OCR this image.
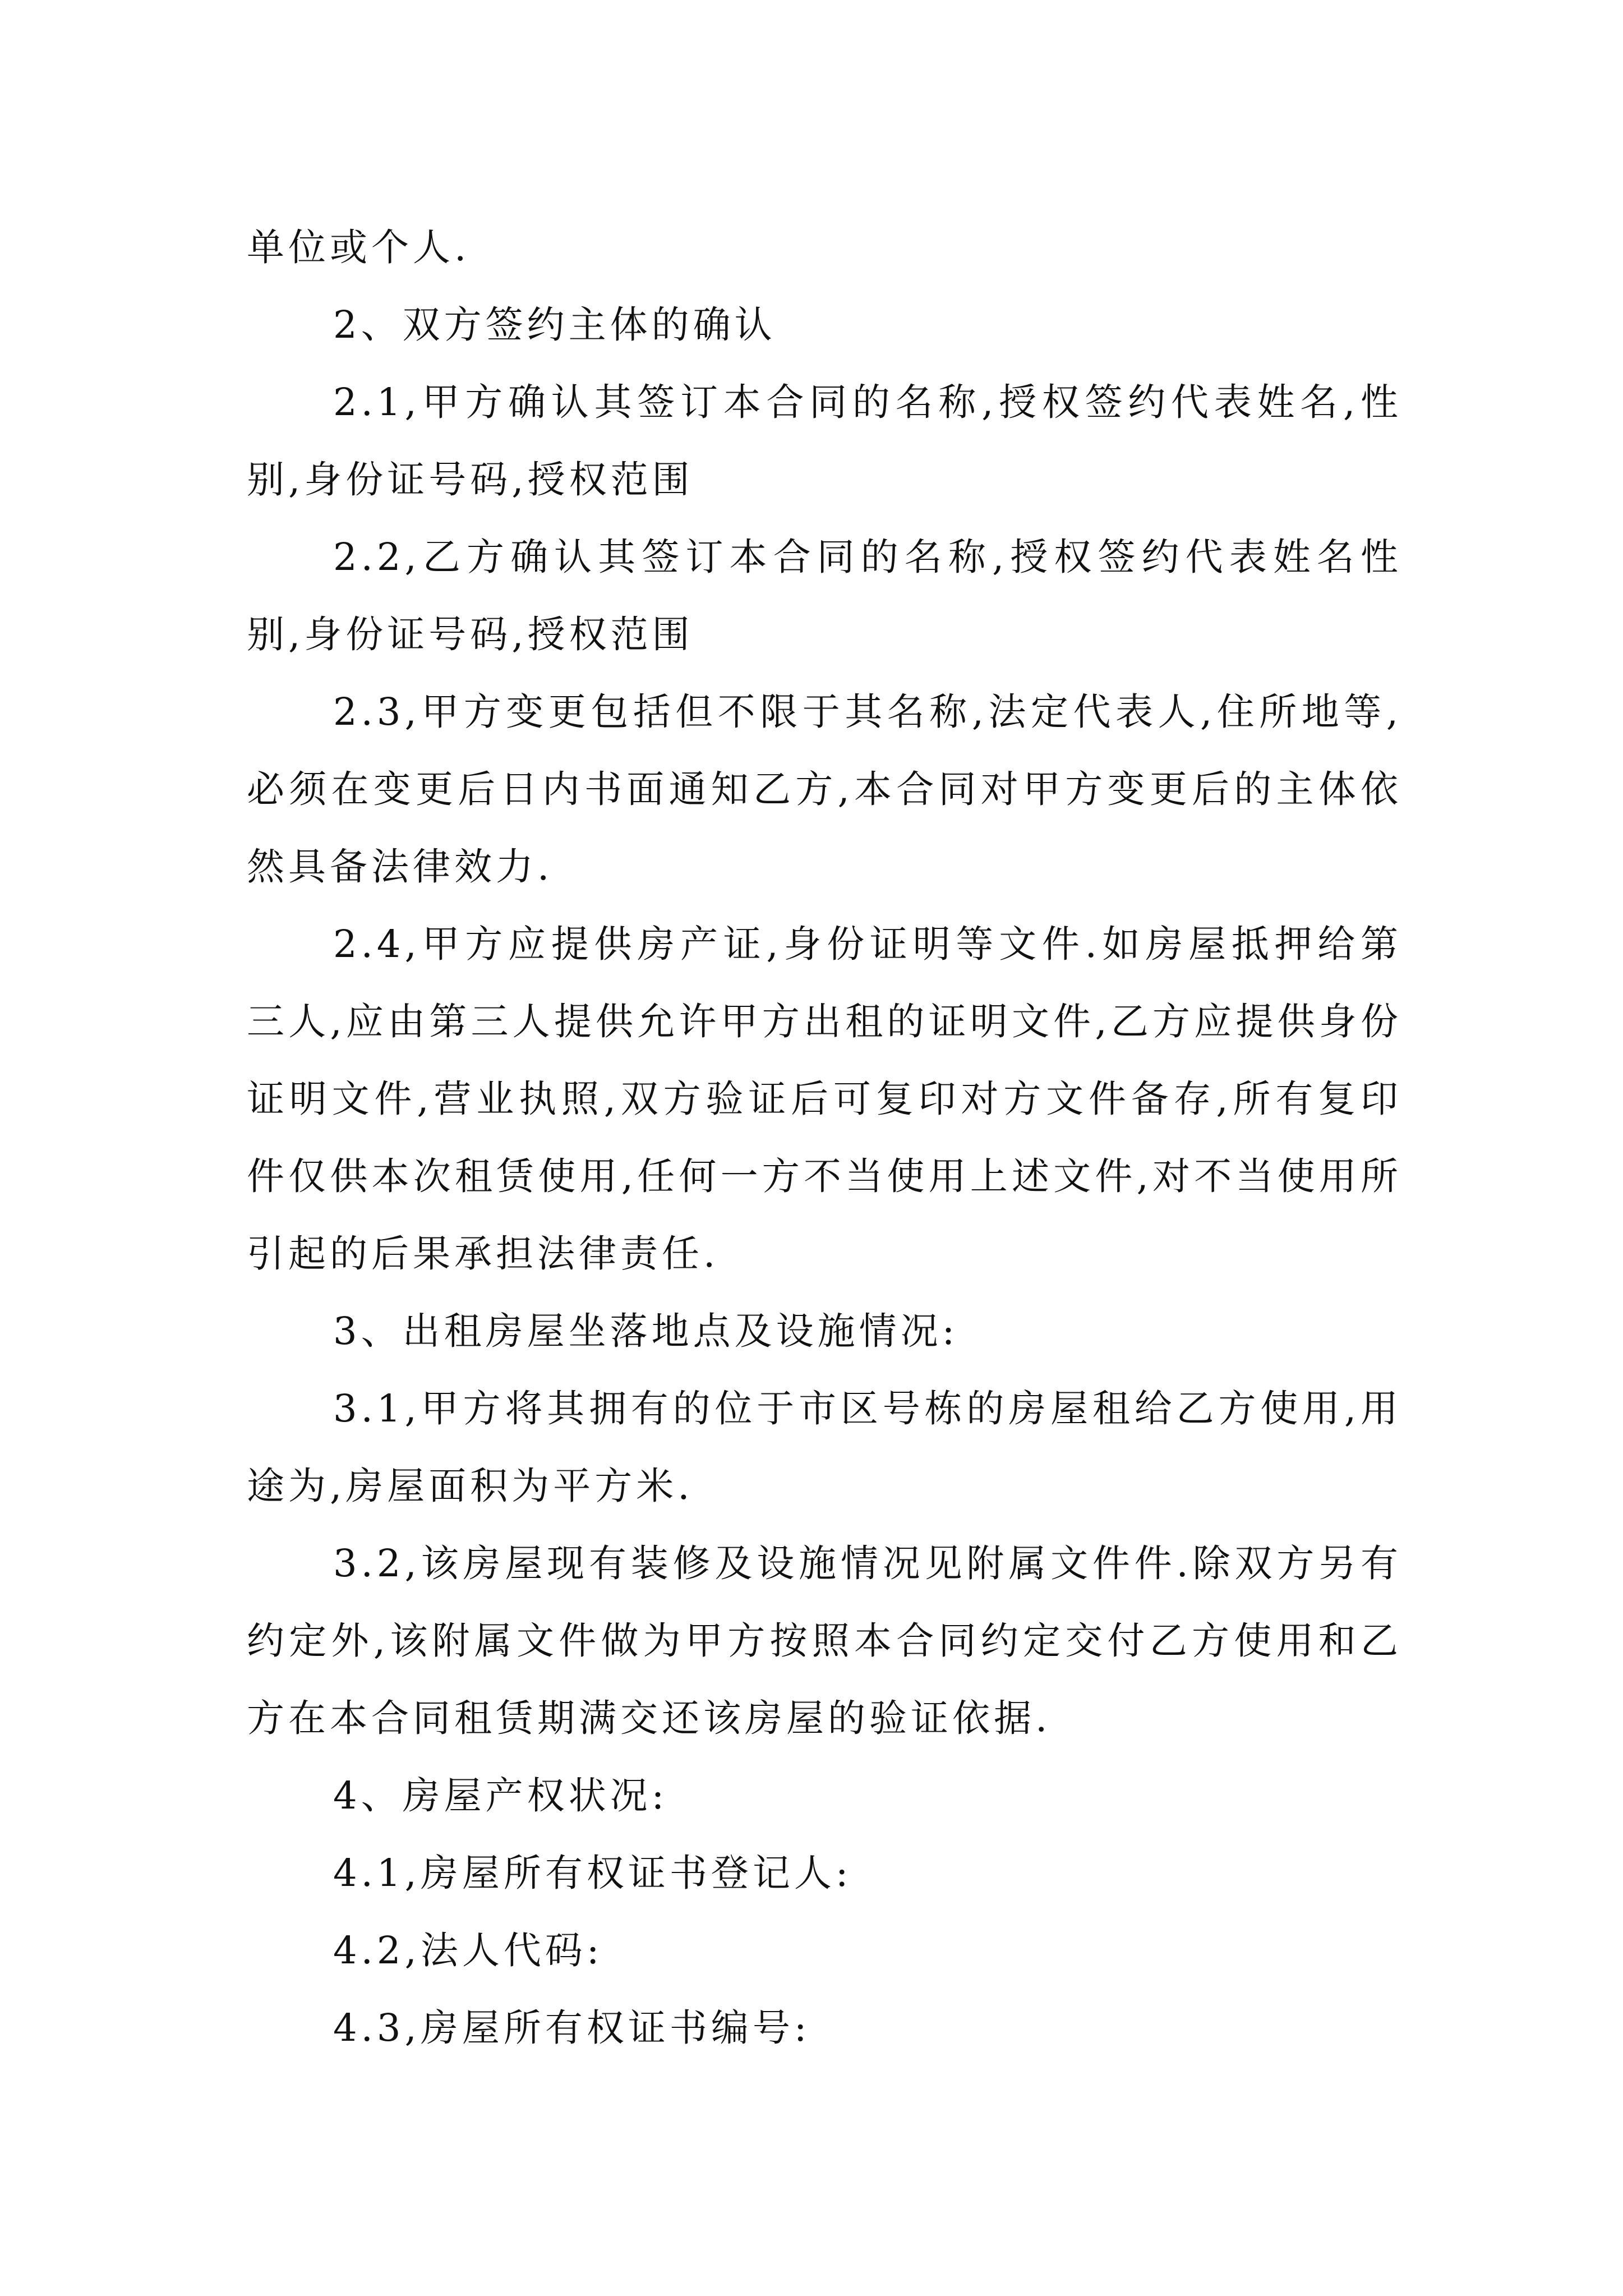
单位或个人.

2、双方签约主体的确认

2.1,甲方确认其签订本合同的名称,授权签约代表姓名,性别,身份证号码,授权范围

2.2,乙方确认其签订本合同的名称,授权签约代表姓名性别,身份证号码,授权范围

2.3,甲方变更包括但不限于其名称,法定代表人,住所地等,必须在变更后日内书面通知乙方,本合同对甲方变更后的主体依然具备法律效力.

2.4,甲方应提供房产证,身份证明等文件.如房屋抵押给第三人,应由第三人提供允许甲方出租的证明文件,乙方应提供身份证明文件,营业执照,双方验证后可复印对方文件备存,所有复印件仅供本次租赁使用,任何一方不当使用上述文件,对不当使用所引起的后果承担法律责任.

3、出租房屋坐落地点及设施情况:

3.1,甲方将其拥有的位于市区号栋的房屋租给乙方使用,用途为,房屋面积为平方米.

3.2,该房屋现有装修及设施情况见附属文件件.除双方另有约定外,该附属文件做为甲方按照本合同约定交付乙方使用和乙方在本合同租赁期满交还该房屋的验证依据.

4、房屋产权状况:

4.1,房屋所有权证书登记人:

4.2,法人代码:

4.3,房屋所有权证书编号:
